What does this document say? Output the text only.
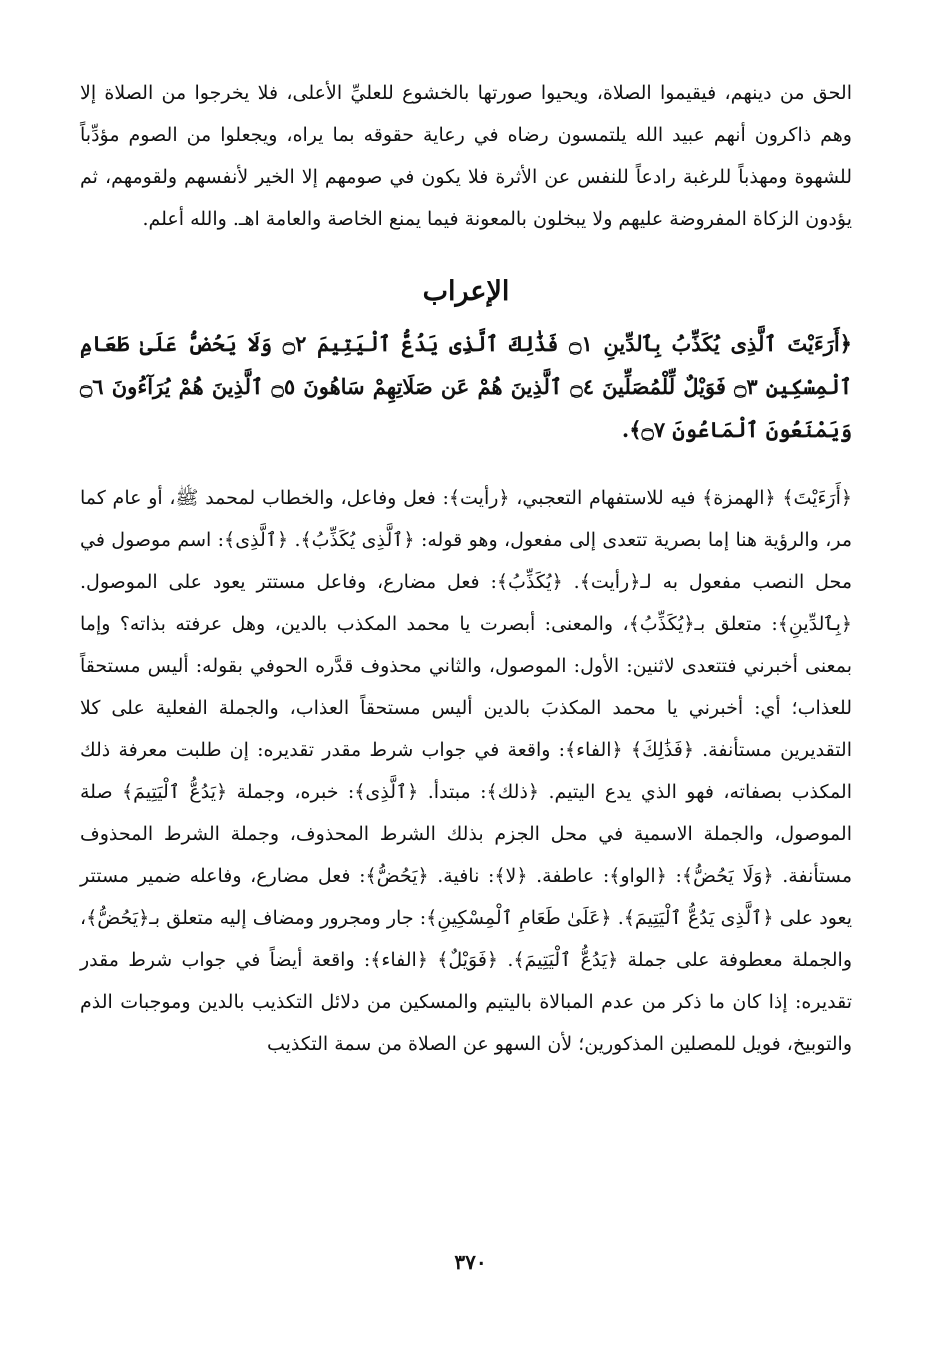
الحق من دينهم، فيقيموا الصلاة، ويحيوا صورتها بالخشوع للعليِّ الأعلى، فلا يخرجوا من الصلاة إلا وهم ذاكرون أنهم عبيد الله يلتمسون رضاه في رعاية حقوقه بما يراه، ويجعلوا من الصوم مؤدِّباً للشهوة ومهذباً للرغبة رادعاً للنفس عن الأثرة فلا يكون في صومهم إلا الخير لأنفسهم ولقومهم، ثم يؤدون الزكاة المفروضة عليهم ولا يبخلون بالمعونة فيما يمنع الخاصة والعامة اهـ. والله أعلم.

الإعراب

﴿أَرَءَيْتَ ٱلَّذِى يُكَذِّبُ بِٱلدِّينِ ۝١ فَذَٰلِكَ ٱلَّذِى يَدُعُّ ٱلْيَتِيمَ ۝٢ وَلَا يَحُضُّ عَلَىٰ طَعَامِ ٱلْمِسْكِينِ ۝٣ فَوَيْلٌ لِّلْمُصَلِّينَ ۝٤ ٱلَّذِينَ هُمْ عَن صَلَاتِهِمْ سَاهُونَ ۝٥ ٱلَّذِينَ هُمْ يُرَآءُونَ ۝٦ وَيَمْنَعُونَ ٱلْمَاعُونَ ۝٧﴾.

﴿أَرَءَيْتَ﴾ ﴿الهمزة﴾ فيه للاستفهام التعجبي، ﴿رأيت﴾: فعل وفاعل، والخطاب لمحمد ﷺ، أو عام كما مر، والرؤية هنا إما بصرية تتعدى إلى مفعول، وهو قوله: ﴿ٱلَّذِى يُكَذِّبُ﴾. ﴿ٱلَّذِى﴾: اسم موصول في محل النصب مفعول به لـ﴿رأيت﴾. ﴿يُكَذِّبُ﴾: فعل مضارع، وفاعل مستتر يعود على الموصول. ﴿بِٱلدِّينِ﴾: متعلق بـ﴿يُكَذِّبُ﴾، والمعنى: أبصرت يا محمد المكذب بالدين، وهل عرفته بذاته؟ وإما بمعنى أخبرني فتتعدى لاثنين: الأول: الموصول، والثاني محذوف قدَّره الحوفي بقوله: أليس مستحقاً للعذاب؛ أي: أخبرني يا محمد المكذبَ بالدين أليس مستحقاً العذاب، والجملة الفعلية على كلا التقديرين مستأنفة. ﴿فَذَٰلِكَ﴾ ﴿الفاء﴾: واقعة في جواب شرط مقدر تقديره: إن طلبت معرفة ذلك المكذب بصفاته، فهو الذي يدع اليتيم. ﴿ذلك﴾: مبتدأ. ﴿ٱلَّذِى﴾: خبره، وجملة ﴿يَدُعُّ ٱلْيَتِيمَ﴾ صلة الموصول، والجملة الاسمية في محل الجزم بذلك الشرط المحذوف، وجملة الشرط المحذوف مستأنفة. ﴿وَلَا يَحُضُّ﴾: ﴿الواو﴾: عاطفة. ﴿لا﴾: نافية. ﴿يَحُضُّ﴾: فعل مضارع، وفاعله ضمير مستتر يعود على ﴿ٱلَّذِى يَدُعُّ ٱلْيَتِيمَ﴾. ﴿عَلَىٰ طَعَامِ ٱلْمِسْكِينِ﴾: جار ومجرور ومضاف إليه متعلق بـ﴿يَحُضُّ﴾، والجملة معطوفة على جملة ﴿يَدُعُّ ٱلْيَتِيمَ﴾. ﴿فَوَيْلٌ﴾ ﴿الفاء﴾: واقعة أيضاً في جواب شرط مقدر تقديره: إذا كان ما ذكر من عدم المبالاة باليتيم والمسكين من دلائل التكذيب بالدين وموجبات الذم والتوبيخ، فويل للمصلين المذكورين؛ لأن السهو عن الصلاة من سمة التكذيب

٣٧٠
